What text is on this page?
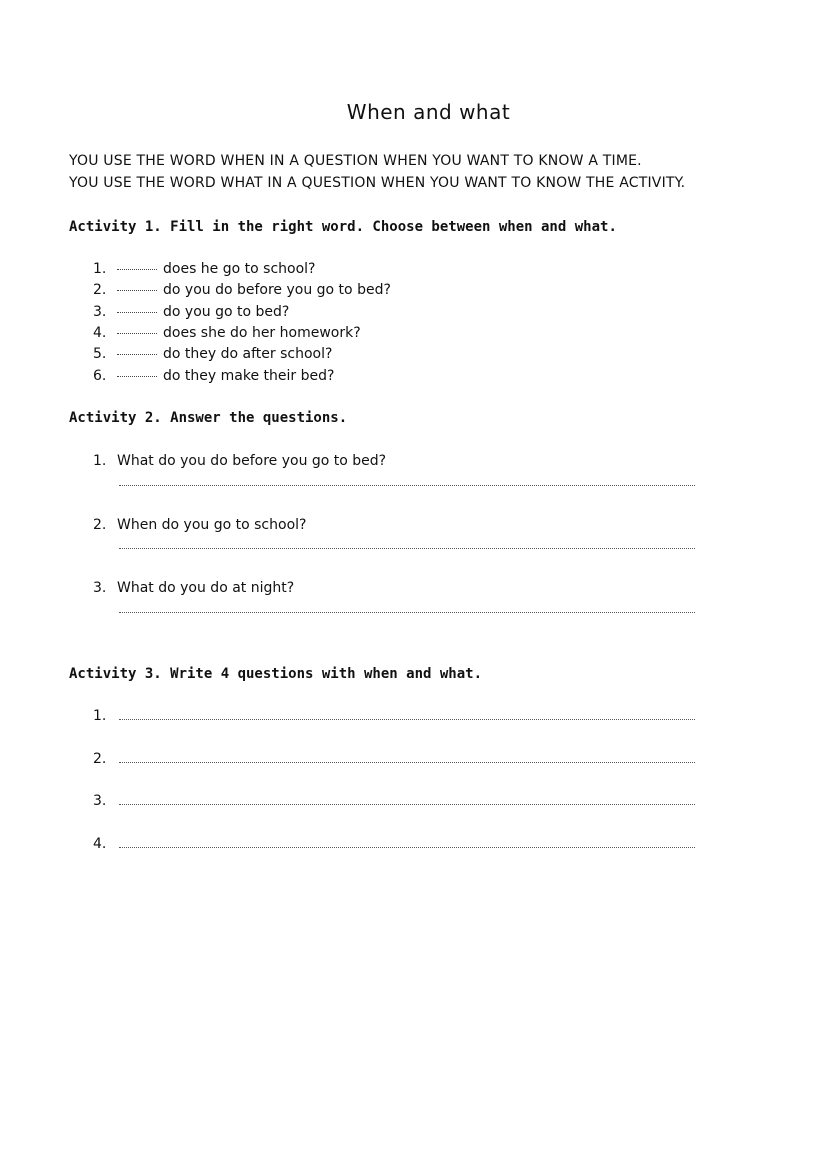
When and what
YOU USE THE WORD WHEN IN A QUESTION WHEN YOU WANT TO KNOW A TIME.
YOU USE THE WORD WHAT IN A QUESTION WHEN YOU WANT TO KNOW THE ACTIVITY.
Activity 1. Fill in the right word. Choose between when and what.
1.	does he go to school?
2.	do you do before you go to bed?
3.	do you go to bed?
4.	does she do her homework?
5.	do they do after school?
6.	do they make their bed?
Activity 2. Answer the questions.
1. What do you do before you go to bed?
2. When do you go to school?
3. What do you do at night?
Activity 3. Write 4 questions with when and what.
1.
2.
3.
4.
